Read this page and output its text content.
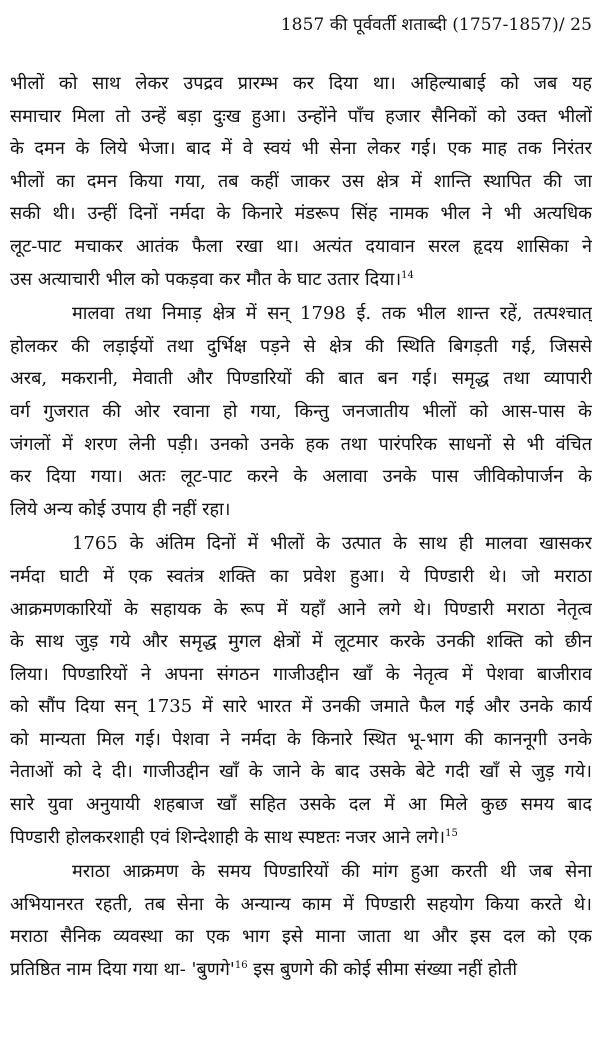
1857 की पूर्ववर्ती शताब्दी (1757-1857)/ 25
भीलों को साथ लेकर उपद्रव प्रारम्भ कर दिया था। अहिल्याबाई को जब यह
समाचार मिला तो उन्हें बड़ा दुःख हुआ। उन्होंने पाँच हजार सैनिकों को उक्त भीलों
के दमन के लिये भेजा। बाद में वे स्वयं भी सेना लेकर गई। एक माह तक निरंतर
भीलों का दमन किया गया, तब कहीं जाकर उस क्षेत्र में शान्ति स्थापित की जा
सकी थी। उन्हीं दिनों नर्मदा के किनारे मंडरूप सिंह नामक भील ने भी अत्यधिक
लूट-पाट मचाकर आतंक फैला रखा था। अत्यंत दयावान सरल हृदय शासिका ने
उस अत्याचारी भील को पकड़वा कर मौत के घाट उतार दिया।$^{14}$
मालवा तथा निमाड़ क्षेत्र में सन् 1798 ई. तक भील शान्त रहें, तत्पश्चात्
होलकर की लड़ाईयों तथा दुर्भिक्ष पड़ने से क्षेत्र की स्थिति बिगड़ती गई, जिससे
अरब, मकरानी, मेवाती और पिण्डारियों की बात बन गई। समृद्ध तथा व्यापारी
वर्ग गुजरात की ओर रवाना हो गया, किन्तु जनजातीय भीलों को आस-पास के
जंगलों में शरण लेनी पड़ी। उनको उनके हक तथा पारंपरिक साधनों से भी वंचित
कर दिया गया। अतः लूट-पाट करने के अलावा उनके पास जीविकोपार्जन के
लिये अन्य कोई उपाय ही नहीं रहा।
1765 के अंतिम दिनों में भीलों के उत्पात के साथ ही मालवा खासकर
नर्मदा घाटी में एक स्वतंत्र शक्ति का प्रवेश हुआ। ये पिण्डारी थे। जो मराठा
आक्रमणकारियों के सहायक के रूप में यहाँ आने लगे थे। पिण्डारी मराठा नेतृत्व
के साथ जुड़ गये और समृद्ध मुगल क्षेत्रों में लूटमार करके उनकी शक्ति को छीन
लिया। पिण्डारियों ने अपना संगठन गाजीउद्दीन खाँ के नेतृत्व में पेशवा बाजीराव
को सौंप दिया सन् 1735 में सारे भारत में उनकी जमाते फैल गई और उनके कार्य
को मान्यता मिल गई। पेशवा ने नर्मदा के किनारे स्थित भू-भाग की काननूगी उनके
नेताओं को दे दी। गाजीउद्दीन खाँ के जाने के बाद उसके बेटे गदी खाँ से जुड़ गये।
सारे युवा अनुयायी शहबाज खाँ सहित उसके दल में आ मिले कुछ समय बाद
पिण्डारी होलकरशाही एवं शिन्देशाही के साथ स्पष्टतः नजर आने लगे।$^{15}$
मराठा आक्रमण के समय पिण्डारियों की मांग हुआ करती थी जब सेना
अभियानरत रहती, तब सेना के अन्यान्य काम में पिण्डारी सहयोग किया करते थे।
मराठा सैनिक व्यवस्था का एक भाग इसे माना जाता था और इस दल को एक
प्रतिष्ठित नाम दिया गया था- 'बुणगे'$^{16}$ इस बुणगे की कोई सीमा संख्या नहीं होती
